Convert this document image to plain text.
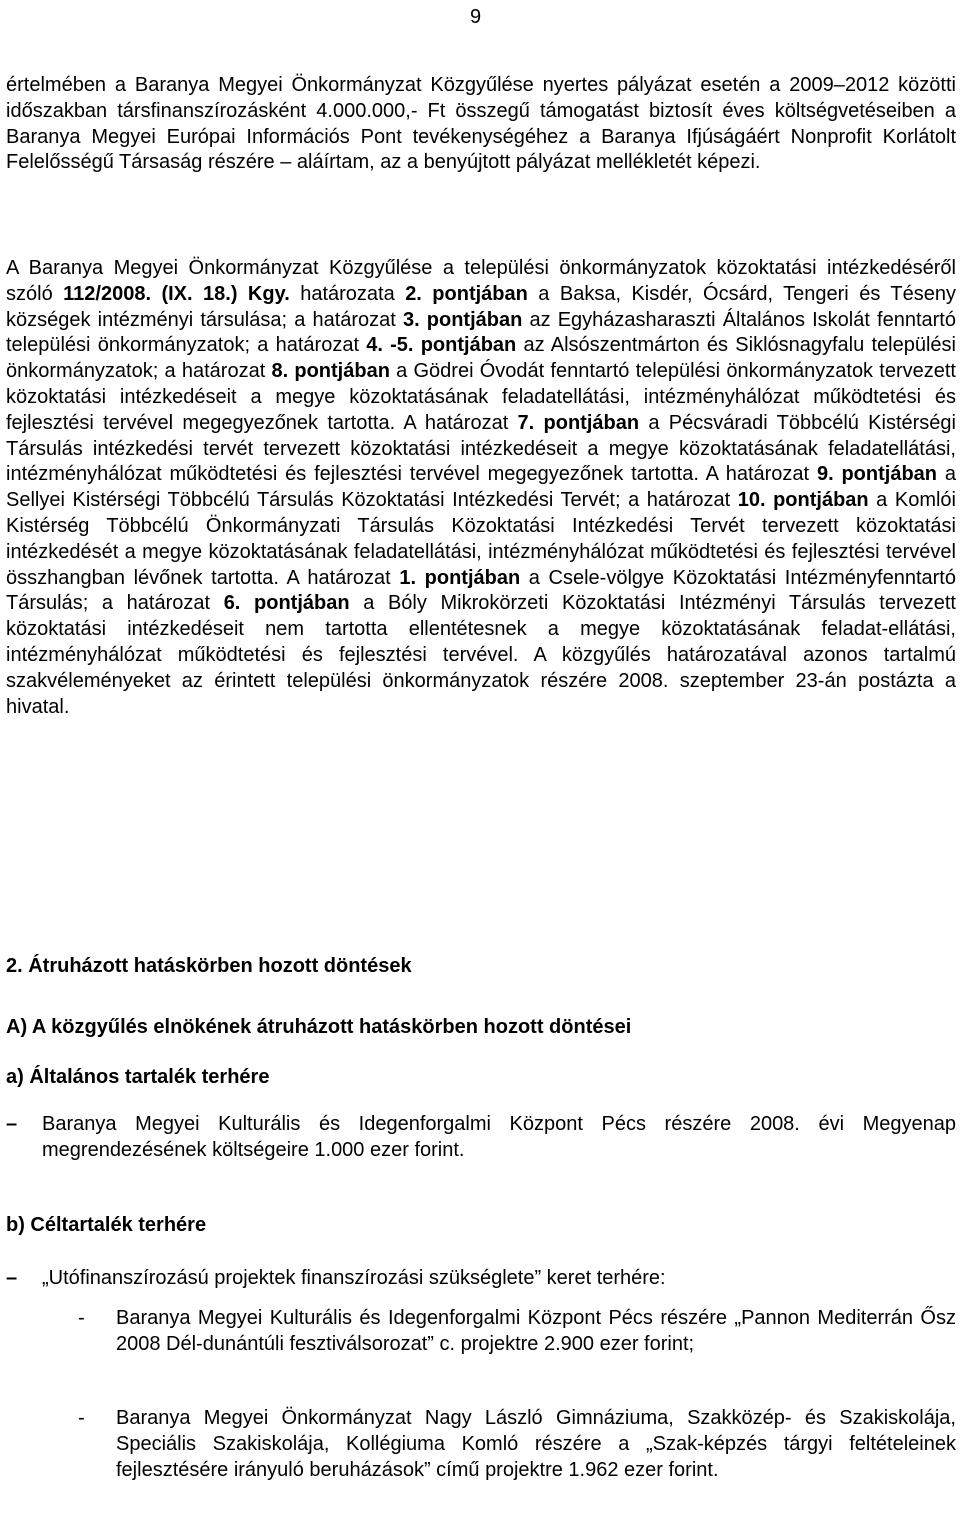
9

értelmében a Baranya Megyei Önkormányzat Közgyűlése nyertes pályázat esetén a 2009–2012 közötti időszakban társfinanszírozásként 4.000.000,- Ft összegű támogatást biztosít éves költségvetéseiben a Baranya Megyei Európai Információs Pont tevékenységéhez a Baranya Ifjúságáért Nonprofit Korlátolt Felelősségű Társaság részére – aláírtam, az a benyújtott pályázat mellékletét képezi.

A Baranya Megyei Önkormányzat Közgyűlése a települési önkormányzatok közoktatási intézkedéséről szóló 112/2008. (IX. 18.) Kgy. határozata 2. pontjában a Baksa, Kisdér, Ócsárd, Tengeri és Téseny községek intézményi társulása; a határozat 3. pontjában az Egyházasharaszti Általános Iskolát fenntartó települési önkormányzatok; a határozat 4. -5. pontjában az Alsószentmárton és Siklósnagyfalu települési önkormányzatok; a határozat 8. pontjában a Gödrei Óvodát fenntartó települési önkormányzatok tervezett közoktatási intézkedéseit a megye közoktatásának feladatellátási, intézményhálózat működtetési és fejlesztési tervével megegyezőnek tartotta. A határozat 7. pontjában a Pécsváradi Többcélú Kistérségi Társulás intézkedési tervét tervezett közoktatási intézkedéseit a megye közoktatásának feladatellátási, intézményhálózat működtetési és fejlesztési tervével megegyezőnek tartotta. A határozat 9. pontjában a Sellyei Kistérségi Többcélú Társulás Közoktatási Intézkedési Tervét; a határozat 10. pontjában a Komlói Kistérség Többcélú Önkormányzati Társulás Közoktatási Intézkedési Tervét tervezett közoktatási intézkedését a megye közoktatásának feladatellátási, intézményhálózat működtetési és fejlesztési tervével összhangban lévőnek tartotta. A határozat 1. pontjában a Csele-völgye Közoktatási Intézményfenntartó Társulás; a határozat 6. pontjában a Bóly Mikrokörzeti Közoktatási Intézményi Társulás tervezett közoktatási intézkedéseit nem tartotta ellentétesnek a megye közoktatásának feladat-ellátási, intézményhálózat működtetési és fejlesztési tervével. A közgyűlés határozatával azonos tartalmú szakvéleményeket az érintett települési önkormányzatok részére 2008. szeptember 23-án postázta a hivatal.

2. Átruházott hatáskörben hozott döntések
A) A közgyűlés elnökének átruházott hatáskörben hozott döntései
a) Általános tartalék terhére
– Baranya Megyei Kulturális és Idegenforgalmi Központ Pécs részére 2008. évi Megyenap megrendezésének költségeire 1.000 ezer forint.
b) Céltartalék terhére
– „Utófinanszírozású projektek finanszírozási szükséglete” keret terhére:
- Baranya Megyei Kulturális és Idegenforgalmi Központ Pécs részére „Pannon Mediterrán Ősz 2008 Dél-dunántúli fesztiválsorozat” c. projektre 2.900 ezer forint;
- Baranya Megyei Önkormányzat Nagy László Gimnáziuma, Szakközép- és Szakiskolája, Speciális Szakiskolája, Kollégiuma Komló részére a „Szak-képzés tárgyi feltételeinek fejlesztésére irányuló beruházások” című projektre 1.962 ezer forint.
